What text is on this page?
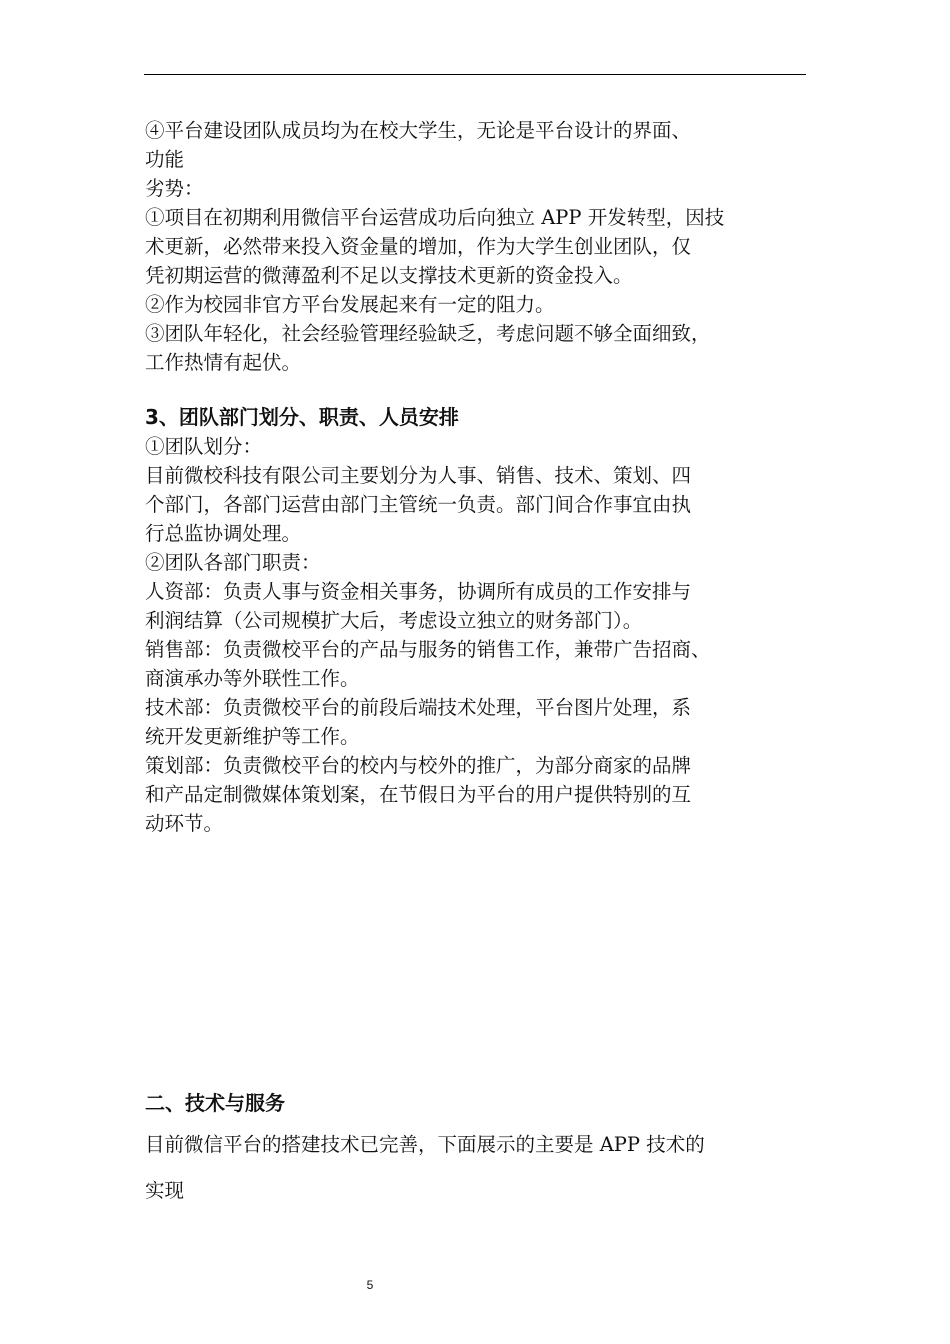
④平台建设团队成员均为在校大学生，无论是平台设计的界面、
功能
劣势：
①项目在初期利用微信平台运营成功后向独立 APP 开发转型，因技
术更新，必然带来投入资金量的增加，作为大学生创业团队，仅
凭初期运营的微薄盈利不足以支撑技术更新的资金投入。
②作为校园非官方平台发展起来有一定的阻力。
③团队年轻化，社会经验管理经验缺乏，考虑问题不够全面细致，
工作热情有起伏。
3、团队部门划分、职责、人员安排
①团队划分：
目前微校科技有限公司主要划分为人事、销售、技术、策划、四
个部门，各部门运营由部门主管统一负责。部门间合作事宜由执
行总监协调处理。
②团队各部门职责：
人资部：负责人事与资金相关事务，协调所有成员的工作安排与
利润结算（公司规模扩大后，考虑设立独立的财务部门）。
销售部：负责微校平台的产品与服务的销售工作，兼带广告招商、
商演承办等外联性工作。
技术部：负责微校平台的前段后端技术处理，平台图片处理，系
统开发更新维护等工作。
策划部：负责微校平台的校内与校外的推广，为部分商家的品牌
和产品定制微媒体策划案，在节假日为平台的用户提供特别的互
动环节。
二、技术与服务
目前微信平台的搭建技术已完善，下面展示的主要是 APP 技术的
实现
5
